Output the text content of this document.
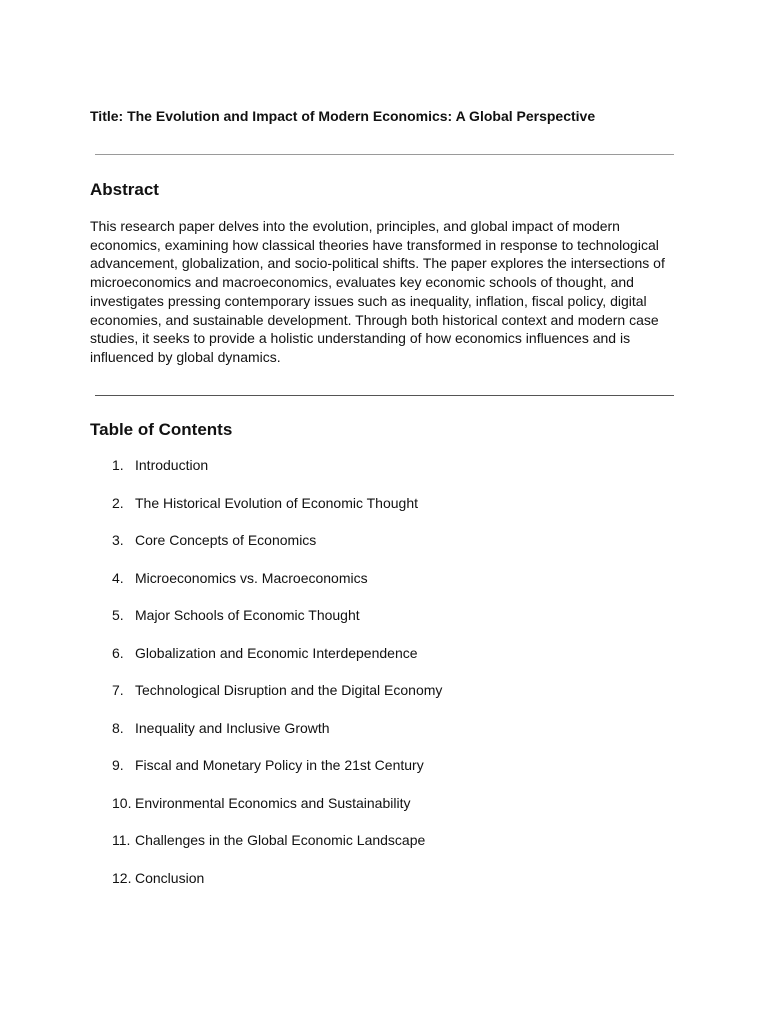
Title: The Evolution and Impact of Modern Economics: A Global Perspective
Abstract
This research paper delves into the evolution, principles, and global impact of modern economics, examining how classical theories have transformed in response to technological advancement, globalization, and socio-political shifts. The paper explores the intersections of microeconomics and macroeconomics, evaluates key economic schools of thought, and investigates pressing contemporary issues such as inequality, inflation, fiscal policy, digital economies, and sustainable development. Through both historical context and modern case studies, it seeks to provide a holistic understanding of how economics influences and is influenced by global dynamics.
Table of Contents
1. Introduction
2. The Historical Evolution of Economic Thought
3. Core Concepts of Economics
4. Microeconomics vs. Macroeconomics
5. Major Schools of Economic Thought
6. Globalization and Economic Interdependence
7. Technological Disruption and the Digital Economy
8. Inequality and Inclusive Growth
9. Fiscal and Monetary Policy in the 21st Century
10. Environmental Economics and Sustainability
11. Challenges in the Global Economic Landscape
12. Conclusion
